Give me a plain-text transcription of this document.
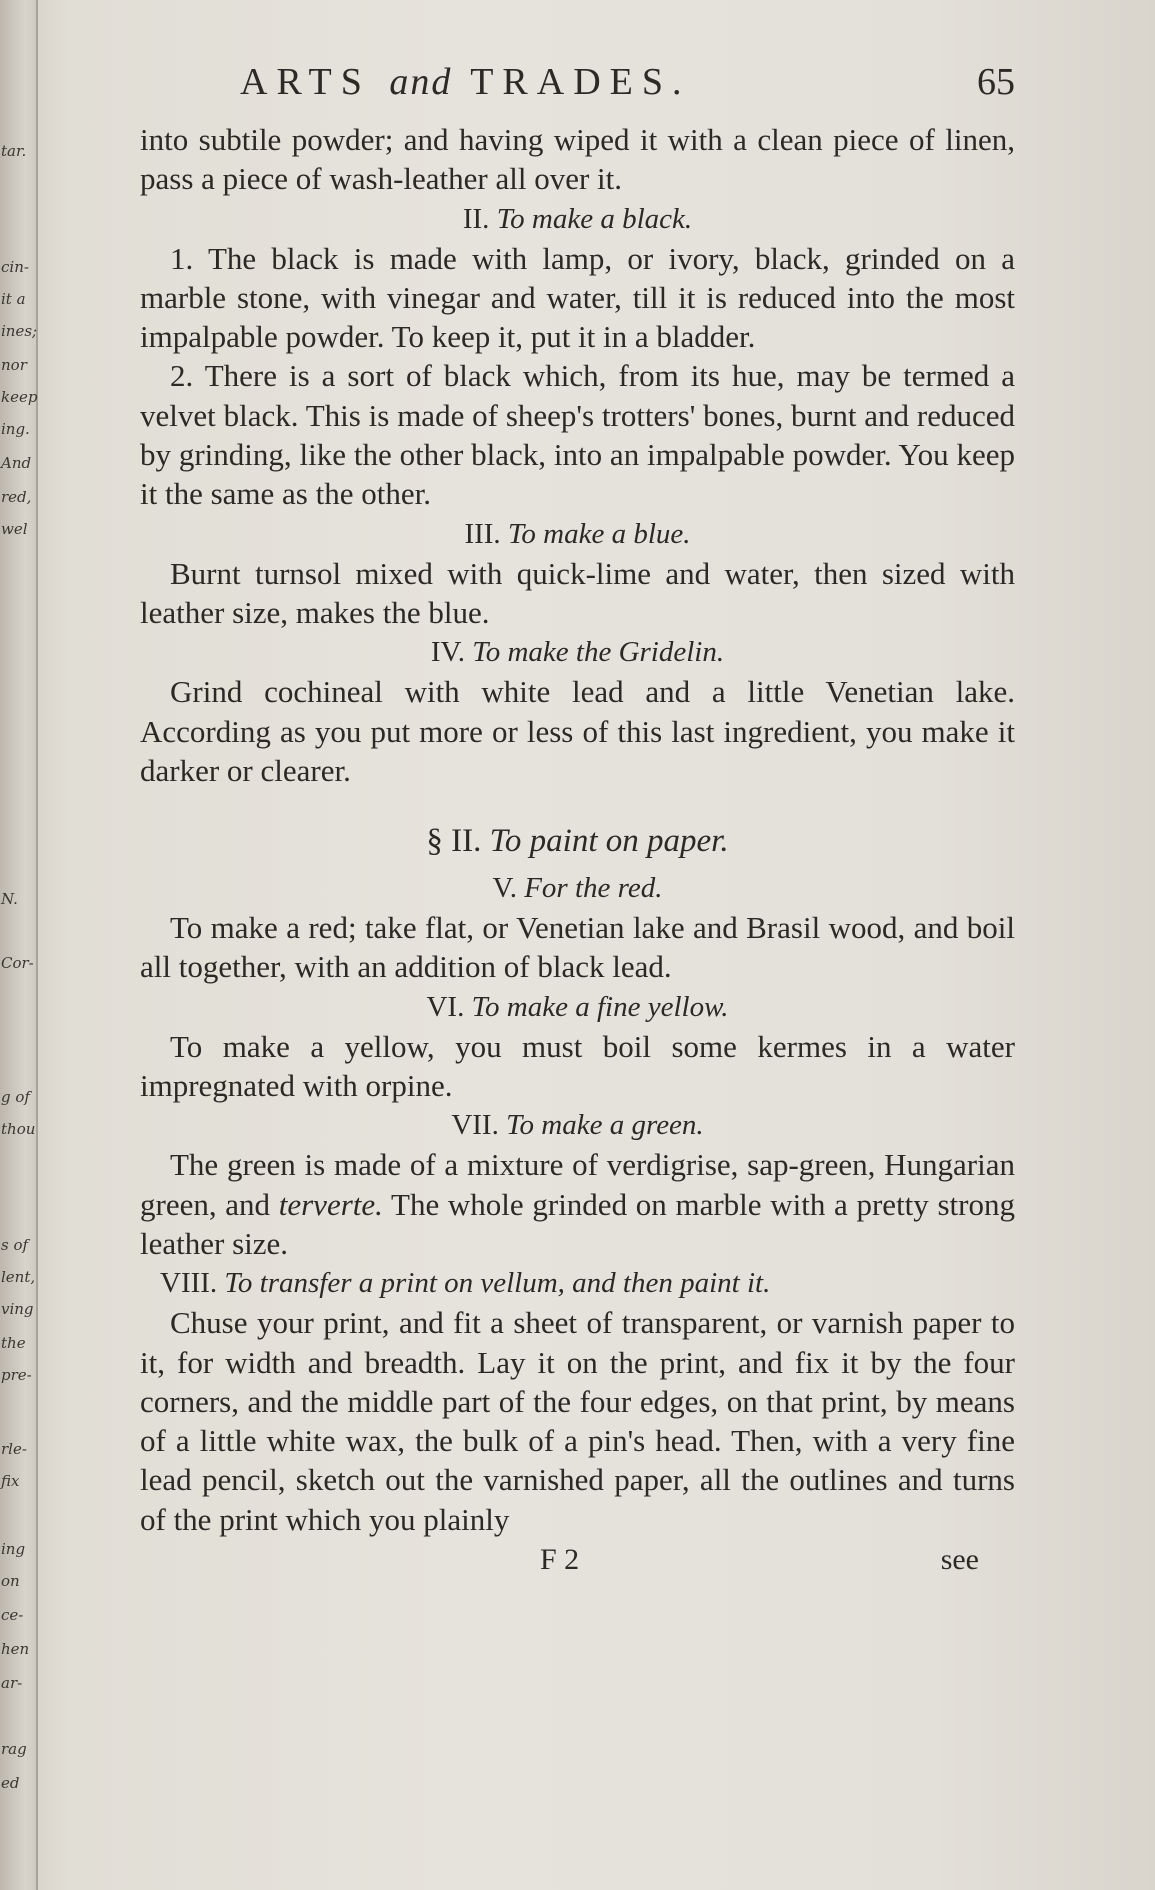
tar.
cin-
it a
ines;
nor
keep
ing.
And
red,
wel
N.
Cor-
g of
thou
s of
lent,
ving
the
pre-
rle-
fix
ing
on
ce-
hen
ar-
rag
ed
ARTS and TRADES.	65

into subtile powder; and having wiped it with a clean piece of linen, pass a piece of wash-leather all over it.

II. To make a black.

1. The black is made with lamp, or ivory, black, grinded on a marble stone, with vinegar and water, till it is reduced into the most impalpable powder. To keep it, put it in a bladder.

2. There is a sort of black which, from its hue, may be termed a velvet black. This is made of sheep's trotters' bones, burnt and reduced by grinding, like the other black, into an impalpable powder. You keep it the same as the other.

III. To make a blue.

Burnt turnsol mixed with quick-lime and water, then sized with leather size, makes the blue.

IV. To make the Gridelin.

Grind cochineal with white lead and a little Venetian lake. According as you put more or less of this last ingredient, you make it darker or clearer.

§ II. To paint on paper.

V. For the red.

To make a red; take flat, or Venetian lake and Brasil wood, and boil all together, with an addition of black lead.

VI. To make a fine yellow.

To make a yellow, you must boil some kermes in a water impregnated with orpine.

VII. To make a green.

The green is made of a mixture of verdigrise, sap-green, Hungarian green, and terverte. The whole grinded on marble with a pretty strong leather size.

VIII. To transfer a print on vellum, and then paint it.

Chuse your print, and fit a sheet of transparent, or varnish paper to it, for width and breadth. Lay it on the print, and fix it by the four corners, and the middle part of the four edges, on that print, by means of a little white wax, the bulk of a pin's head. Then, with a very fine lead pencil, sketch out the varnished paper, all the outlines and turns of the print which you plainly

F 2	see
